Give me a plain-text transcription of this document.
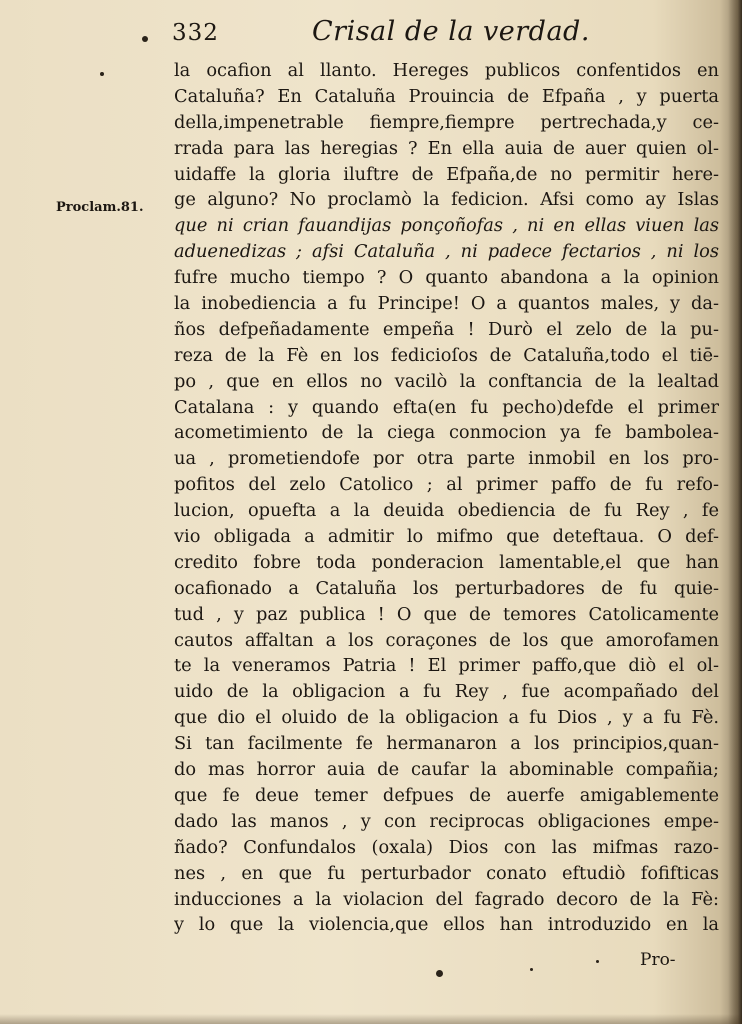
332	Crisal de la verdad.
Proclam.81.
la ocafion al llanto. Hereges publicos confentidos en
Cataluña? En Cataluña Prouincia de Efpaña , y puerta
della,impenetrable fiempre,fiempre pertrechada,y ce-
rrada para las heregias ? En ella auia de auer quien ol-
uidaffe la gloria iluftre de Efpaña,de no permitir here-
ge alguno? No proclamò la fedicion. Afsi como ay Islas
que ni crian fauandijas ponçoñofas , ni en ellas viuen las
aduenedizas ; afsi Cataluña , ni padece fectarios , ni los
fufre mucho tiempo ? O quanto abandona a la opinion
la inobediencia a fu Principe! O a quantos males, y da-
ños defpeñadamente empeña ! Durò el zelo de la pu-
reza de la Fè en los fedicioſos de Cataluña,todo el tiē-
po , que en ellos no vacilò la conftancia de la lealtad
Catalana : y quando efta(en fu pecho)defde el primer
acometimiento de la ciega conmocion ya fe bambolea-
ua , prometiendofe por otra parte inmobil en los pro-
pofitos del zelo Catolico ; al primer paffo de fu refo-
lucion, opuefta a la deuida obediencia de fu Rey , fe
vio obligada a admitir lo mifmo que deteftaua. O def-
credito fobre toda ponderacion lamentable,el que han
ocafionado a Cataluña los perturbadores de fu quie-
tud , y paz publica ! O que de temores Catolicamente
cautos affaltan a los coraçones de los que amorofamen
te la veneramos Patria ! El primer paffo,que diò el ol-
uido de la obligacion a fu Rey , fue acompañado del
que dio el oluido de la obligacion a fu Dios , y a fu Fè.
Si tan facilmente fe hermanaron a los principios,quan-
do mas horror auia de caufar la abominable compañia;
que fe deue temer defpues de auerfe amigablemente
dado las manos , y con reciprocas obligaciones empe-
ñado? Confundalos (oxala) Dios con las mifmas razo-
nes , en que fu perturbador conato eftudiò fofifticas
inducciones a la violacion del fagrado decoro de la Fè:
y lo que la violencia,que ellos han introduzido en la
Pro-
